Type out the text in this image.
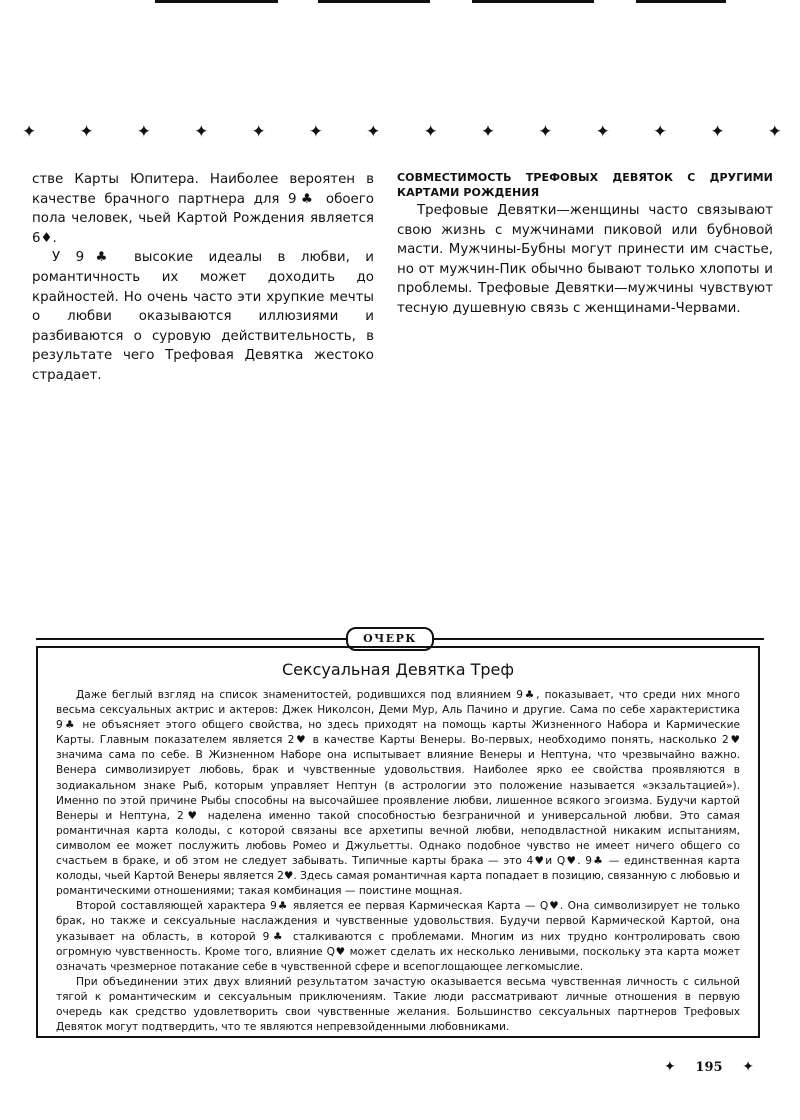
✦	✦	✦	✦	✦	✦	✦	✦	✦	✦	✦	✦	✦	✦

стве Карты Юпитера. Наиболее вероятен в качестве брачного партнера для 9♣ обоего пола человек, чьей Картой Рождения является 6♦.

У 9♣ высокие идеалы в любви, и романтичность их может доходить до крайностей. Но очень часто эти хрупкие мечты о любви оказываются иллюзиями и разбиваются о суровую действительность, в результате чего Трефовая Девятка жестоко страдает.

СОВМЕСТИМОСТЬ ТРЕФОВЫХ ДЕВЯТОК С ДРУГИМИ КАРТАМИ РОЖДЕНИЯ

Трефовые Девятки—женщины часто связывают свою жизнь с мужчинами пиковой или бубновой масти. Мужчины-Бубны могут принести им счастье, но от мужчин-Пик обычно бывают только хлопоты и проблемы. Трефовые Девятки—мужчины чувствуют тесную душевную связь с женщинами-Червами.

ОЧЕРК
Сексуальная Девятка Треф

Даже беглый взгляд на список знаменитостей, родившихся под влиянием 9♣, показывает, что среди них много весьма сексуальных актрис и актеров: Джек Николсон, Деми Мур, Аль Пачино и другие. Сама по себе характеристика 9♣ не объясняет этого общего свойства, но здесь приходят на помощь карты Жизненного Набора и Кармические Карты. Главным показателем является 2♥ в качестве Карты Венеры. Во-первых, необходимо понять, насколько 2♥ значима сама по себе. В Жизненном Наборе она испытывает влияние Венеры и Нептуна, что чрезвычайно важно. Венера символизирует любовь, брак и чувственные удовольствия. Наиболее ярко ее свойства проявляются в зодиакальном знаке Рыб, которым управляет Нептун (в астрологии это положение называется «экзальтацией»). Именно по этой причине Рыбы способны на высочайшее проявление любви, лишенное всякого эгоизма. Будучи картой Венеры и Нептуна, 2♥ наделена именно такой способностью безграничной и универсальной любви. Это самая романтичная карта колоды, с которой связаны все архетипы вечной любви, неподвластной никаким испытаниям, символом ее может послужить любовь Ромео и Джульетты. Однако подобное чувство не имеет ничего общего со счастьем в браке, и об этом не следует забывать. Типичные карты брака — это 4♥и Q♥. 9♣ — единственная карта колоды, чьей Картой Венеры является 2♥. Здесь самая романтичная карта попадает в позицию, связанную с любовью и романтическими отношениями; такая комбинация — поистине мощная.

Второй составляющей характера 9♣ является ее первая Кармическая Карта — Q♥. Она символизирует не только брак, но также и сексуальные наслаждения и чувственные удовольствия. Будучи первой Кармической Картой, она указывает на область, в которой 9♣ сталкиваются с проблемами. Многим из них трудно контролировать свою огромную чувственность. Кроме того, влияние Q♥ может сделать их несколько ленивыми, поскольку эта карта может означать чрезмерное потакание себе в чувственной сфере и всепоглощающее легкомыслие.

При объединении этих двух влияний результатом зачастую оказывается весьма чувственная личность с сильной тягой к романтическим и сексуальным приключениям. Такие люди рассматривают личные отношения в первую очередь как средство удовлетворить свои чувственные желания. Большинство сексуальных партнеров Трефовых Девяток могут подтвердить, что те являются непревзойденными любовниками.

✦ 195 ✦
